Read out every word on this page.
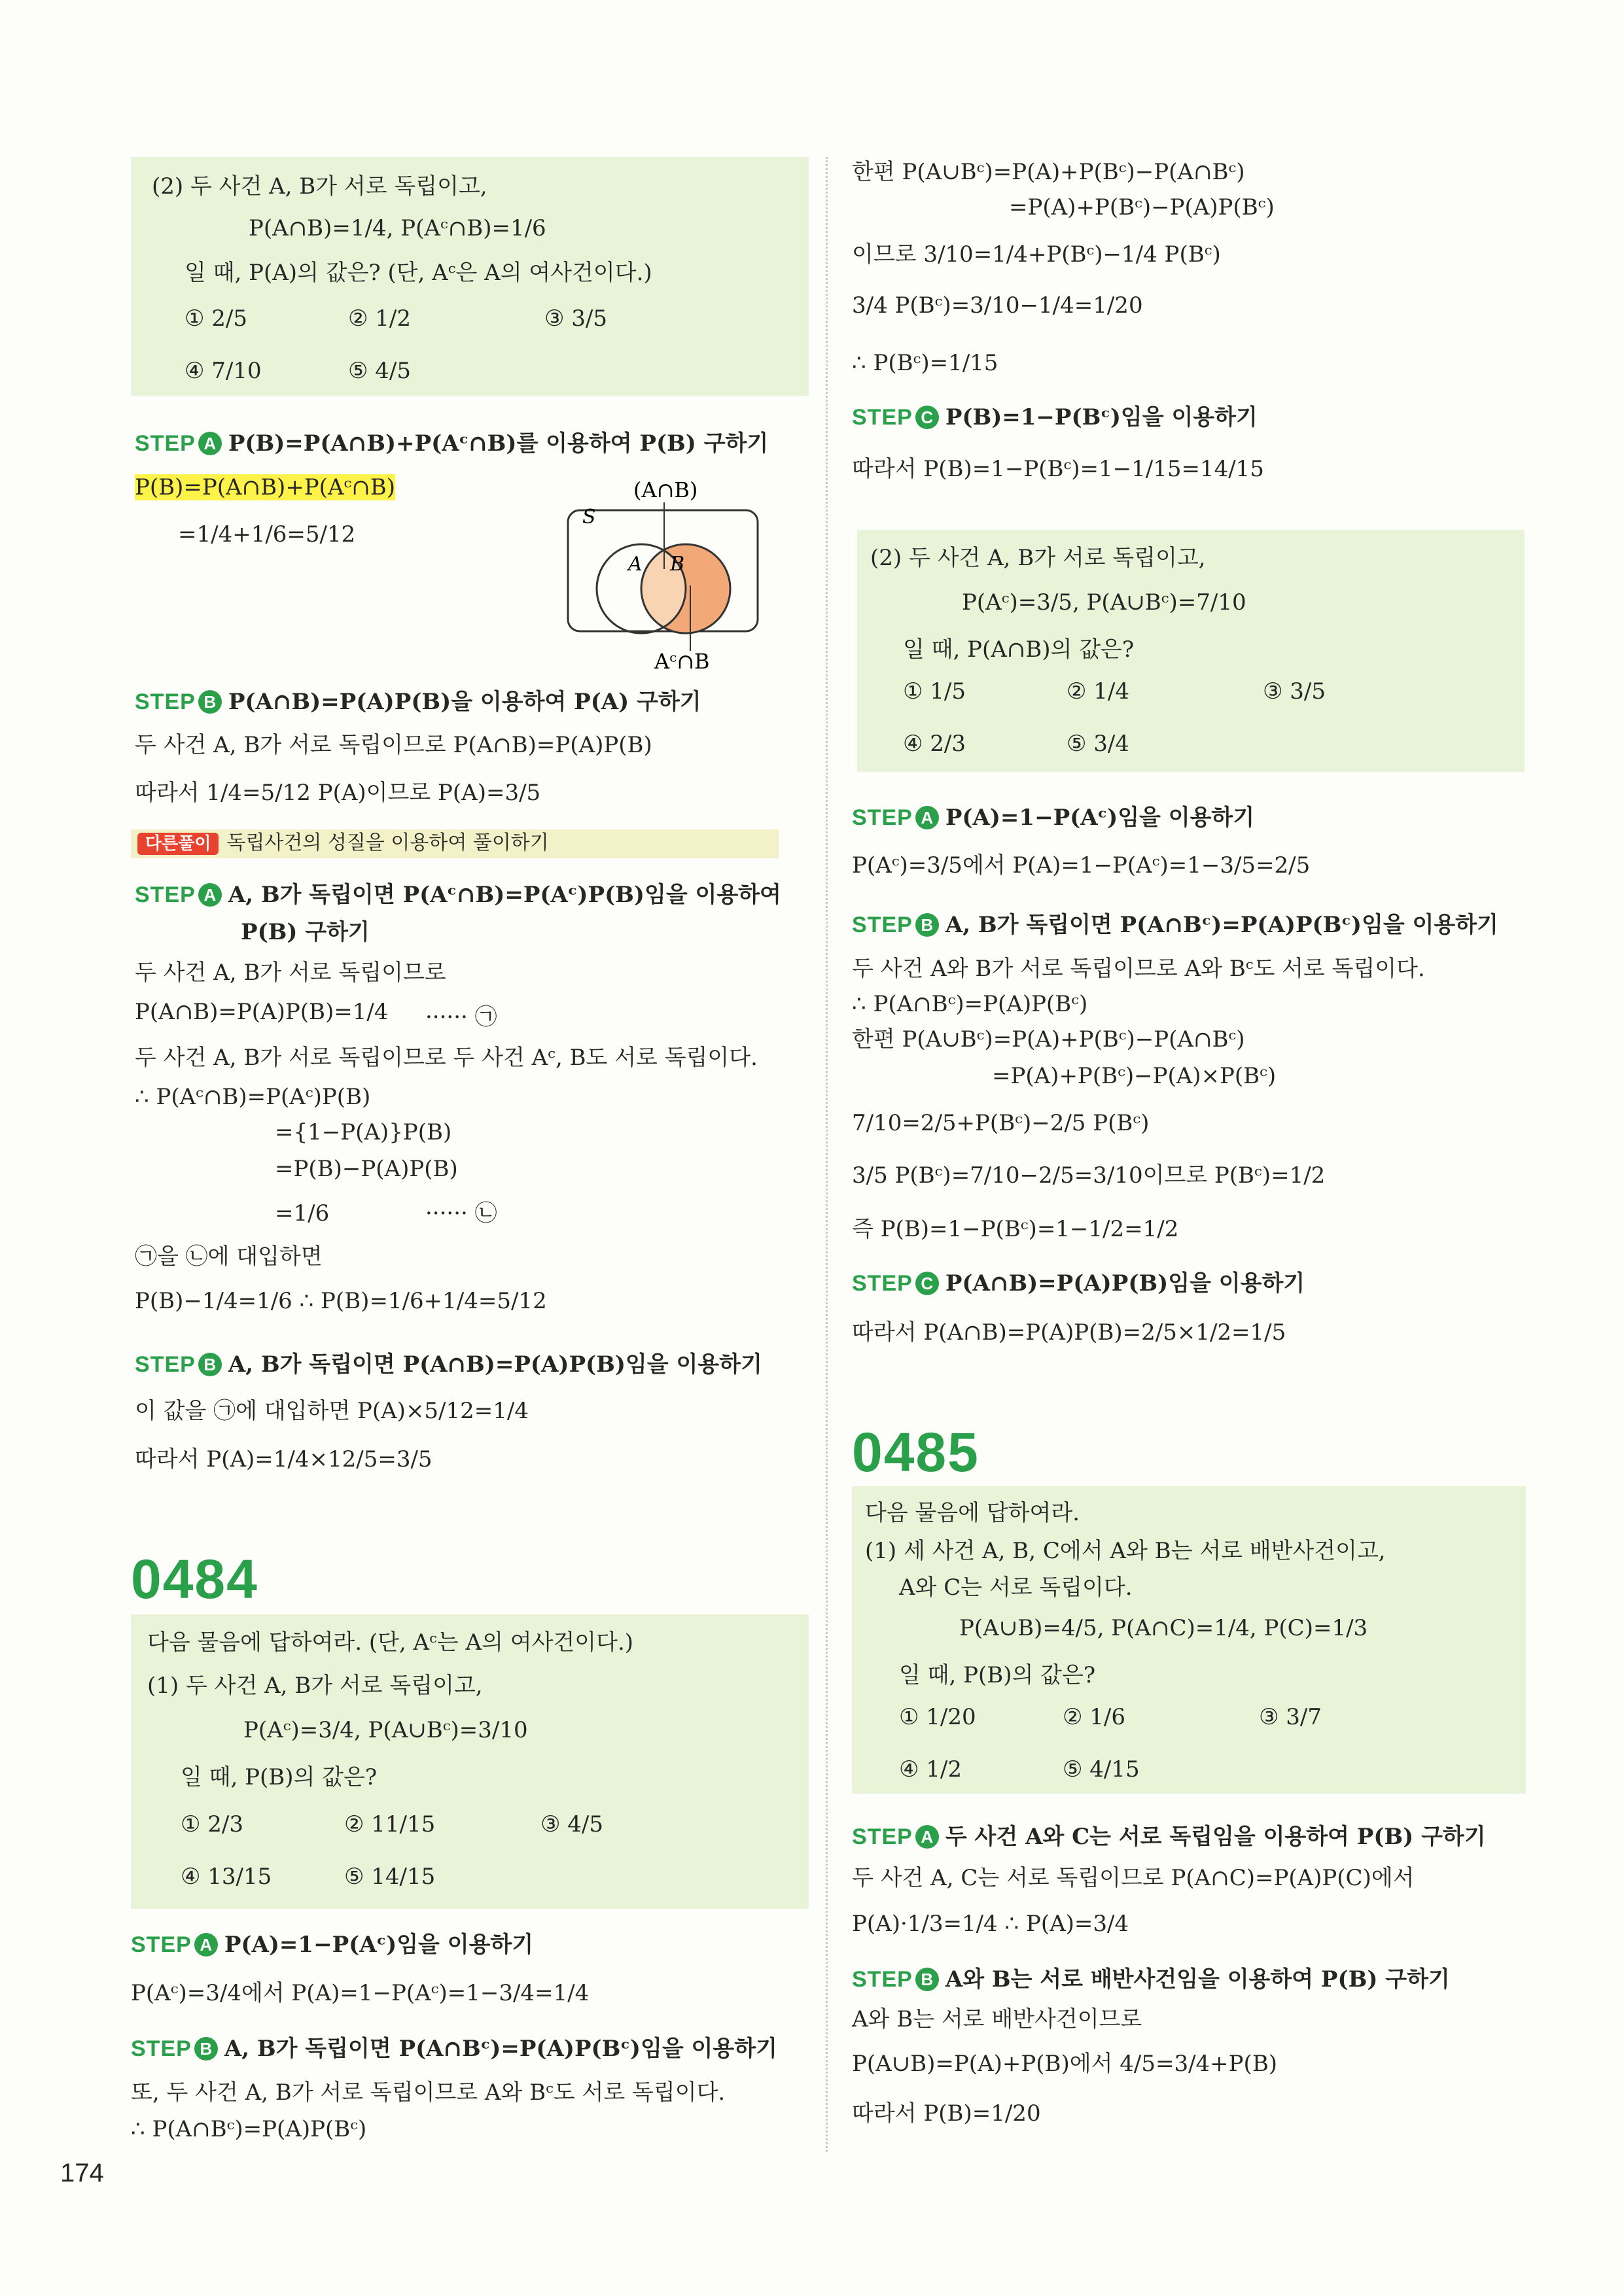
(2) 두 사건 A, B가 서로 독립이고,
P(A∩B)=1/4, P(Aᶜ∩B)=1/6
일 때, P(A)의 값은? (단, Aᶜ은 A의 여사건이다.)
① 2/5	② 1/2	③ 3/5
④ 7/10	⑤ 4/5
STEP A P(B)=P(A∩B)+P(Aᶜ∩B)를 이용하여 P(B) 구하기
P(B)=P(A∩B)+P(Aᶜ∩B)
=1/4+1/6=5/12
(A∩B)
S
A B
Aᶜ∩B
STEP B P(A∩B)=P(A)P(B)을 이용하여 P(A) 구하기
두 사건 A, B가 서로 독립이므로 P(A∩B)=P(A)P(B)
따라서 1/4=5/12 P(A)이므로 P(A)=3/5
다른풀이 독립사건의 성질을 이용하여 풀이하기
STEP A A, B가 독립이면 P(Aᶜ∩B)=P(Aᶜ)P(B)임을 이용하여
P(B) 구하기
두 사건 A, B가 서로 독립이므로
P(A∩B)=P(A)P(B)=1/4 ······ ㉠
두 사건 A, B가 서로 독립이므로 두 사건 Aᶜ, B도 서로 독립이다.
∴ P(Aᶜ∩B)=P(Aᶜ)P(B)
={1−P(A)}P(B)
=P(B)−P(A)P(B)
=1/6	······ ㉡
㉠을 ㉡에 대입하면
P(B)−1/4=1/6 ∴ P(B)=1/6+1/4=5/12
STEP B A, B가 독립이면 P(A∩B)=P(A)P(B)임을 이용하기
이 값을 ㉠에 대입하면 P(A)×5/12=1/4
따라서 P(A)=1/4×12/5=3/5
0484
다음 물음에 답하여라. (단, Aᶜ는 A의 여사건이다.)
(1) 두 사건 A, B가 서로 독립이고,
P(Aᶜ)=3/4, P(A∪Bᶜ)=3/10
일 때, P(B)의 값은?
① 2/3	② 11/15	③ 4/5
④ 13/15	⑤ 14/15
STEP A P(A)=1−P(Aᶜ)임을 이용하기
P(Aᶜ)=3/4에서 P(A)=1−P(Aᶜ)=1−3/4=1/4
STEP B A, B가 독립이면 P(A∩Bᶜ)=P(A)P(Bᶜ)임을 이용하기
또, 두 사건 A, B가 서로 독립이므로 A와 Bᶜ도 서로 독립이다.
∴ P(A∩Bᶜ)=P(A)P(Bᶜ)
174
한편 P(A∪Bᶜ)=P(A)+P(Bᶜ)−P(A∩Bᶜ)
=P(A)+P(Bᶜ)−P(A)P(Bᶜ)
이므로 3/10=1/4+P(Bᶜ)−1/4 P(Bᶜ)
3/4 P(Bᶜ)=3/10−1/4=1/20
∴ P(Bᶜ)=1/15
STEP C P(B)=1−P(Bᶜ)임을 이용하기
따라서 P(B)=1−P(Bᶜ)=1−1/15=14/15
(2) 두 사건 A, B가 서로 독립이고,
P(Aᶜ)=3/5, P(A∪Bᶜ)=7/10
일 때, P(A∩B)의 값은?
① 1/5	② 1/4	③ 3/5
④ 2/3	⑤ 3/4
STEP A P(A)=1−P(Aᶜ)임을 이용하기
P(Aᶜ)=3/5에서 P(A)=1−P(Aᶜ)=1−3/5=2/5
STEP B A, B가 독립이면 P(A∩Bᶜ)=P(A)P(Bᶜ)임을 이용하기
두 사건 A와 B가 서로 독립이므로 A와 Bᶜ도 서로 독립이다.
∴ P(A∩Bᶜ)=P(A)P(Bᶜ)
한편 P(A∪Bᶜ)=P(A)+P(Bᶜ)−P(A∩Bᶜ)
=P(A)+P(Bᶜ)−P(A)×P(Bᶜ)
7/10=2/5+P(Bᶜ)−2/5 P(Bᶜ)
3/5 P(Bᶜ)=7/10−2/5=3/10이므로 P(Bᶜ)=1/2
즉 P(B)=1−P(Bᶜ)=1−1/2=1/2
STEP C P(A∩B)=P(A)P(B)임을 이용하기
따라서 P(A∩B)=P(A)P(B)=2/5×1/2=1/5
0485
다음 물음에 답하여라.
(1) 세 사건 A, B, C에서 A와 B는 서로 배반사건이고,
A와 C는 서로 독립이다.
P(A∪B)=4/5, P(A∩C)=1/4, P(C)=1/3
일 때, P(B)의 값은?
① 1/20	② 1/6	③ 3/7
④ 1/2	⑤ 4/15
STEP A 두 사건 A와 C는 서로 독립임을 이용하여 P(B) 구하기
두 사건 A, C는 서로 독립이므로 P(A∩C)=P(A)P(C)에서
P(A)·1/3=1/4 ∴ P(A)=3/4
STEP B A와 B는 서로 배반사건임을 이용하여 P(B) 구하기
A와 B는 서로 배반사건이므로
P(A∪B)=P(A)+P(B)에서 4/5=3/4+P(B)
따라서 P(B)=1/20
